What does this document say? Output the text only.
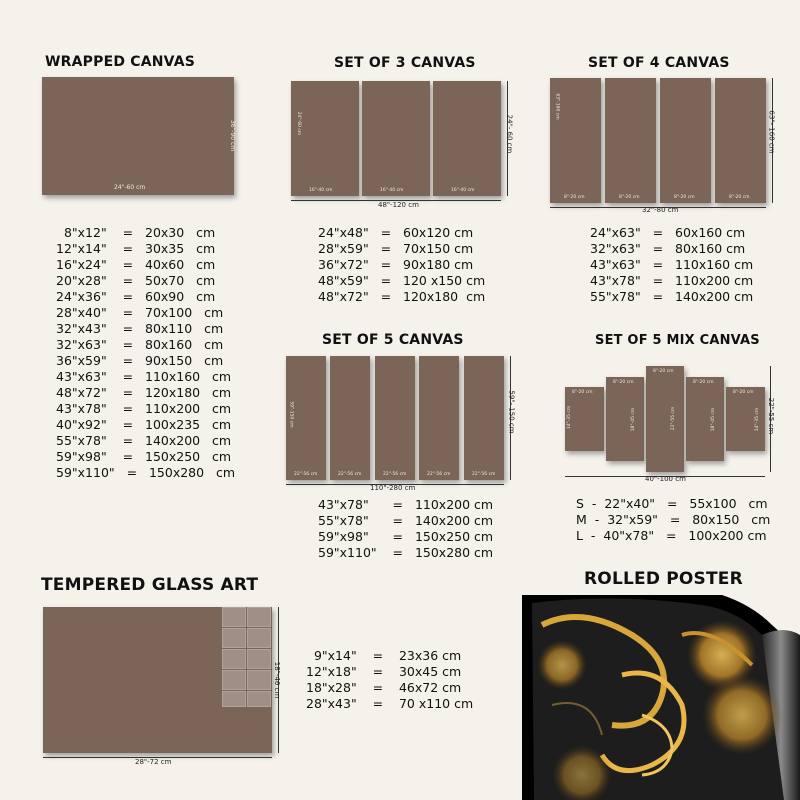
WRAPPED CANVAS
24"-60 cm
36"-90 cm
8"x12"    =   20x30   cm
12"x14"    =   30x35   cm
16"x24"    =   40x60   cm
20"x28"    =   50x70   cm
24"x36"    =   60x90   cm
28"x40"    =   70x100   cm
32"x43"    =   80x110   cm
32"x63"    =   80x160   cm
36"x59"    =   90x150   cm
43"x63"    =   110x160   cm
48"x72"    =   120x180   cm
43"x78"    =   110x200   cm
40"x92"    =   100x235   cm
55"x78"    =   140x200   cm
59"x98"    =   150x250   cm
59"x110"   =   150x280   cm
SET OF 3 CANVAS
16"-40 cm
24"-60 cm
16"-40 cm	16"-40 cm
48"-120 cm
24"- 60 cm
24"x48"   =   60x120 cm
28"x59"   =   70x150 cm
36"x72"   =   90x180 cm
48"x59"   =   120 x150 cm
48"x72"   =   120x180  cm
SET OF 4 CANVAS
8"-20 cm
63"-160 cm
8"-20 cm	8"-20 cm	8"-20 cm
32"-80 cm
63"- 160 cm
24"x63"   =   60x160 cm
32"x63"   =   80x160 cm
43"x63"   =   110x160 cm
43"x78"   =   110x200 cm
55"x78"   =   140x200 cm
SET OF 5 CANVAS
22"-56 cm
59"-150 cm
22"-56 cm	22"-56 cm	22"-56 cm	22"-56 cm
110"-280 cm
59"- 150 cm
43"x78"      =   110x200 cm
55"x78"      =   140x200 cm
59"x98"      =   150x250 cm
59"x110"    =   150x280 cm
SET OF 5 MIX CANVAS
8"-20 cm
14"-35 cm
8"-20 cm
18"-45 cm
8"-20 cm
22"-55 cm
8"-20 cm
18"-45 cm
8"-20 cm
14"-35 cm
40"-100 cm
22"-55 cm
S  -  22"x40"   =   55x100   cm
M  -  32"x59"   =   80x150   cm
L  -  40"x78"   =   100x200 cm
TEMPERED GLASS ART
28"-72 cm
18"-46 cm
9"x14"    =    23x36 cm
12"x18"    =    30x45 cm
18"x28"    =    46x72 cm
28"x43"    =    70 x110 cm
ROLLED POSTER
